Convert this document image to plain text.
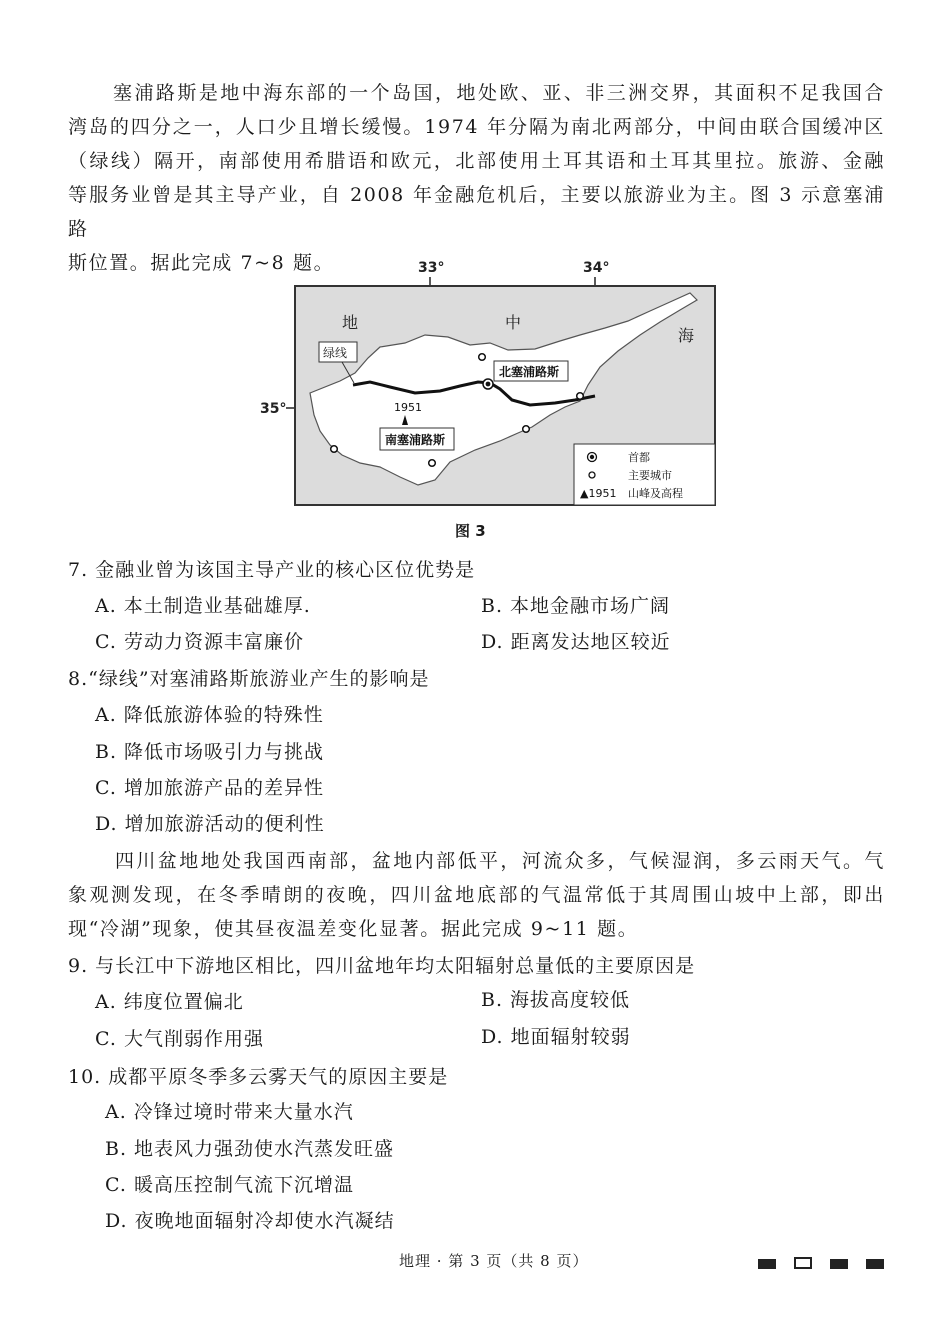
塞浦路斯是地中海东部的一个岛国，地处欧、亚、非三洲交界，其面积不足我国合
湾岛的四分之一，人口少且增长缓慢。1974 年分隔为南北两部分，中间由联合国缓冲区
（绿线）隔开，南部使用希腊语和欧元，北部使用土耳其语和土耳其里拉。旅游、金融
等服务业曾是其主导产业，自 2008 年金融危机后，主要以旅游业为主。图 3 示意塞浦路
斯位置。据此完成 7~8 题。	33°	34°
35°
地	中
海
绿线
北塞浦路斯
南塞浦路斯
1951
首都
主要城市
▲1951 山峰及高程
图 3
7. 金融业曾为该国主导产业的核心区位优势是
A. 本土制造业基础雄厚.	B. 本地金融市场广阔
C. 劳动力资源丰富廉价	D. 距离发达地区较近
8.“绿线”对塞浦路斯旅游业产生的影响是
A. 降低旅游体验的特殊性
B. 降低市场吸引力与挑战
C. 增加旅游产品的差异性
D. 增加旅游活动的便利性
四川盆地地处我国西南部，盆地内部低平，河流众多，气候湿润，多云雨天气。气
象观测发现，在冬季晴朗的夜晚，四川盆地底部的气温常低于其周围山坡中上部，即出
现“冷湖”现象，使其昼夜温差变化显著。据此完成 9~11 题。
9. 与长江中下游地区相比，四川盆地年均太阳辐射总量低的主要原因是
A. 纬度位置偏北	B. 海拔高度较低
C. 大气削弱作用强	D. 地面辐射较弱
10. 成都平原冬季多云雾天气的原因主要是
A. 冷锋过境时带来大量水汽
B. 地表风力强劲使水汽蒸发旺盛
C. 暖高压控制气流下沉增温
D. 夜晚地面辐射冷却使水汽凝结
地理 · 第 3 页（共 8 页）
